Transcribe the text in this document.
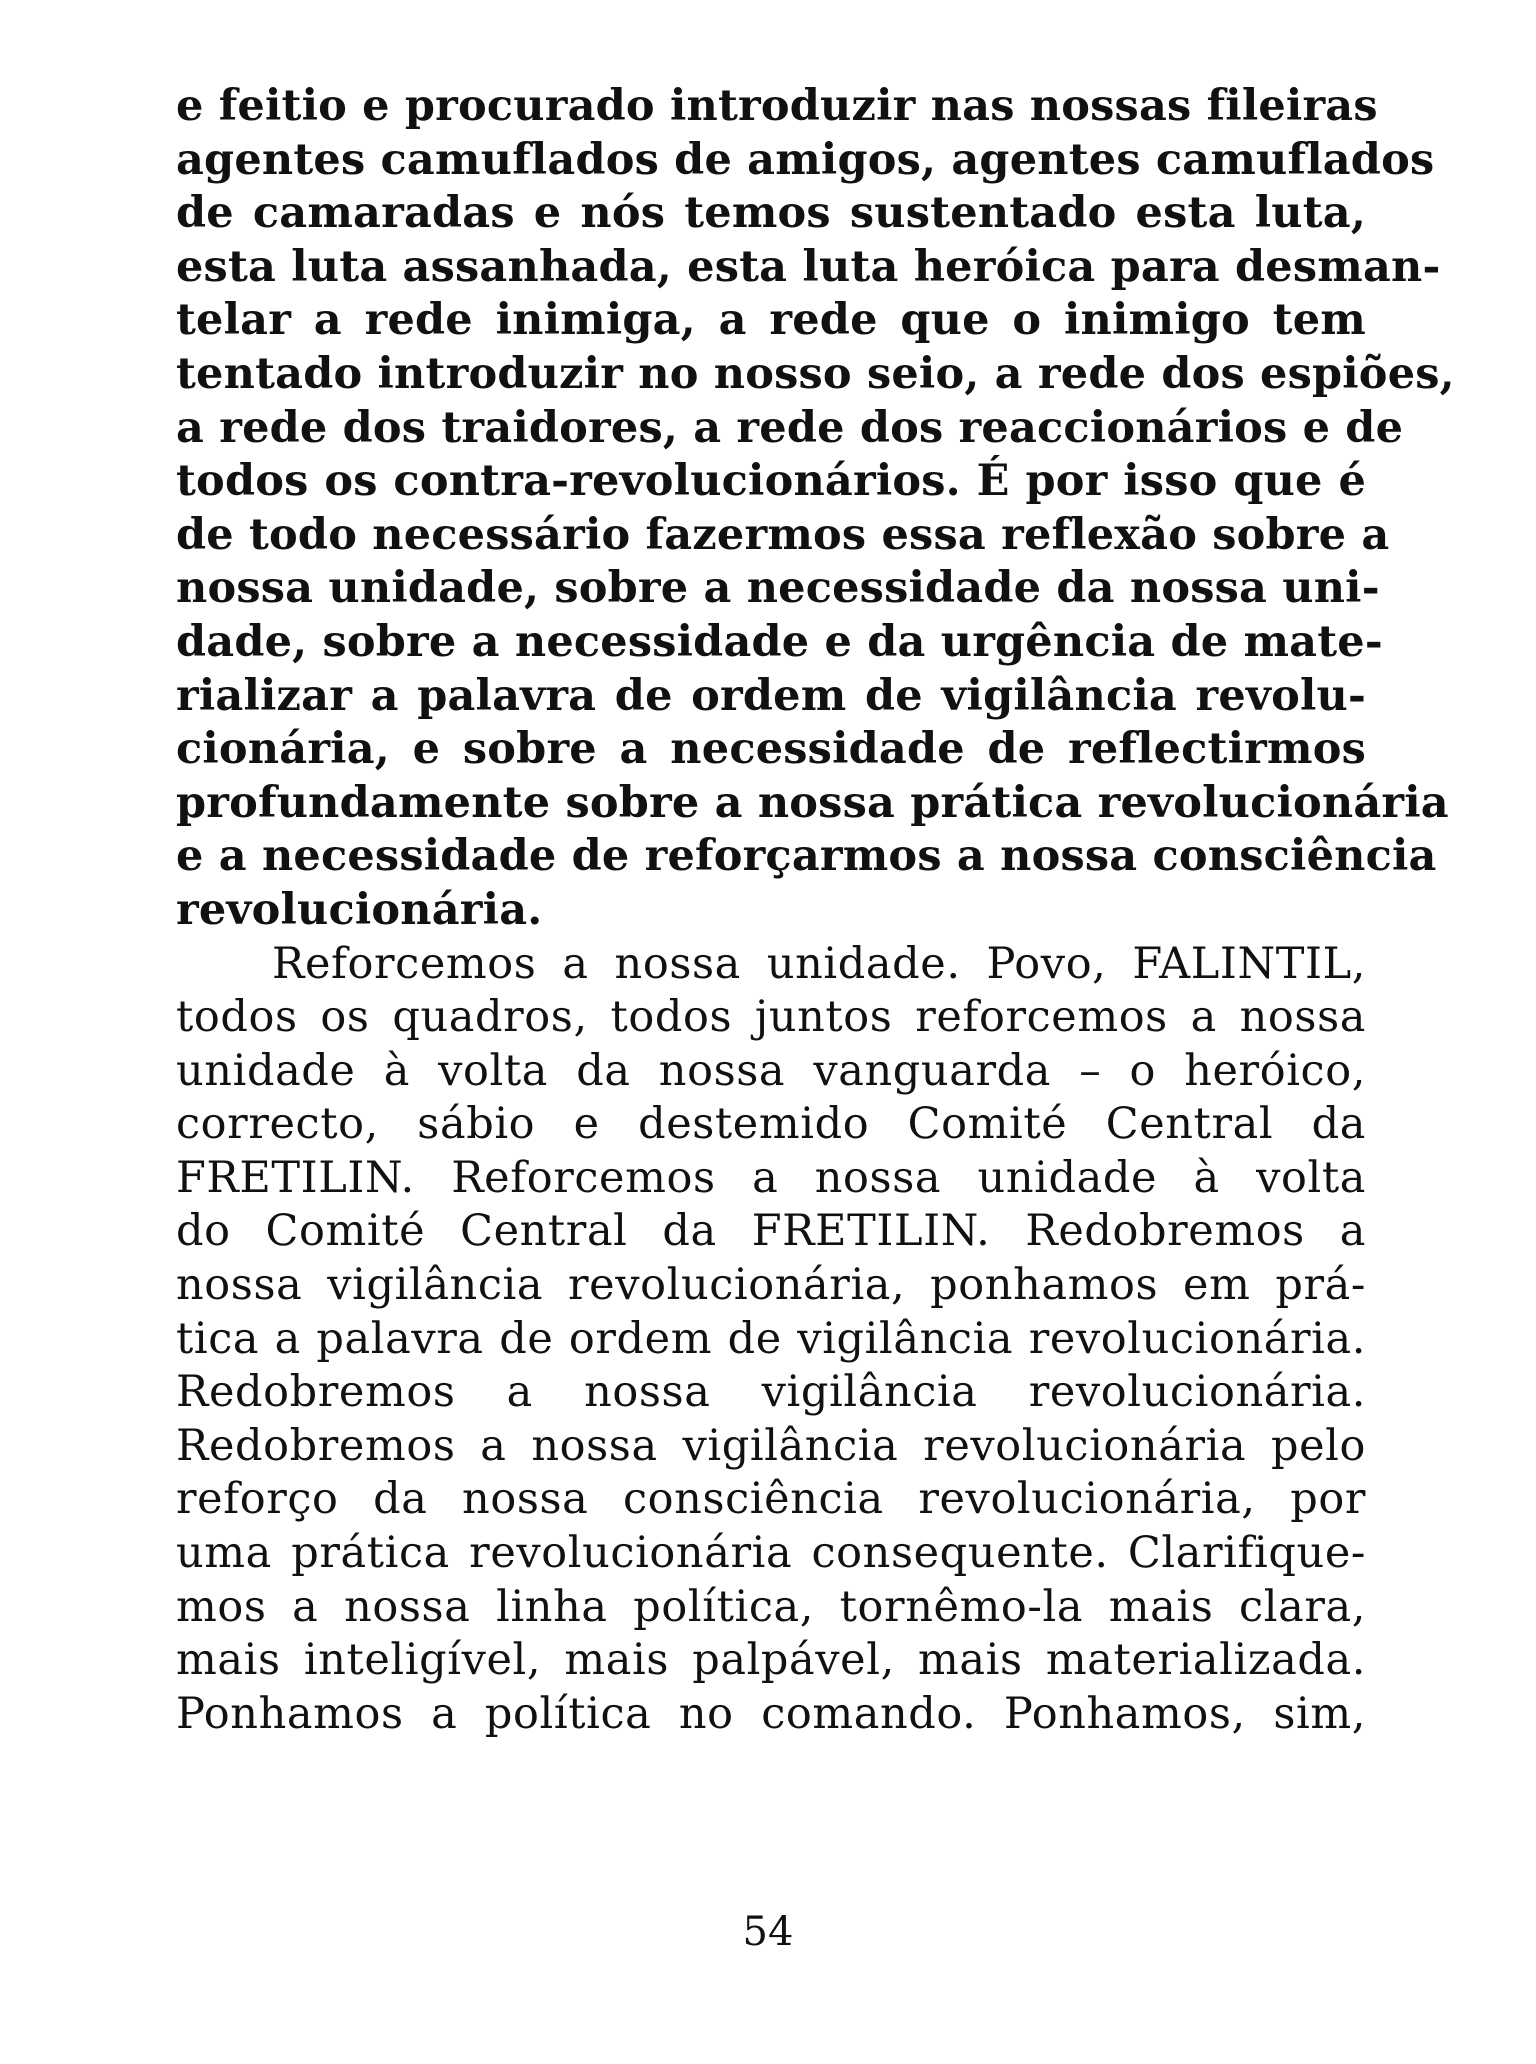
e feitio e procurado introduzir nas nossas fileiras
agentes camuflados de amigos, agentes camuflados
de camaradas e nós temos sustentado esta luta,
esta luta assanhada, esta luta heróica para desman-
telar a rede inimiga, a rede que o inimigo tem
tentado introduzir no nosso seio, a rede dos espiões,
a rede dos traidores, a rede dos reaccionários e de
todos os contra-revolucionários. É por isso que é
de todo necessário fazermos essa reflexão sobre a
nossa unidade, sobre a necessidade da nossa uni-
dade, sobre a necessidade e da urgência de mate-
rializar a palavra de ordem de vigilância revolu-
cionária, e sobre a necessidade de reflectirmos
profundamente sobre a nossa prática revolucionária
e a necessidade de reforçarmos a nossa consciência
revolucionária.
Reforcemos a nossa unidade. Povo, FALINTIL,
todos os quadros, todos juntos reforcemos a nossa
unidade à volta da nossa vanguarda – o heróico,
correcto, sábio e destemido Comité Central da
FRETILIN. Reforcemos a nossa unidade à volta
do Comité Central da FRETILIN. Redobremos a
nossa vigilância revolucionária, ponhamos em prá-
tica a palavra de ordem de vigilância revolucionária.
Redobremos a nossa vigilância revolucionária.
Redobremos a nossa vigilância revolucionária pelo
reforço da nossa consciência revolucionária, por
uma prática revolucionária consequente. Clarifique-
mos a nossa linha política, tornêmo-la mais clara,
mais inteligível, mais palpável, mais materializada.
Ponhamos a política no comando. Ponhamos, sim,
54
